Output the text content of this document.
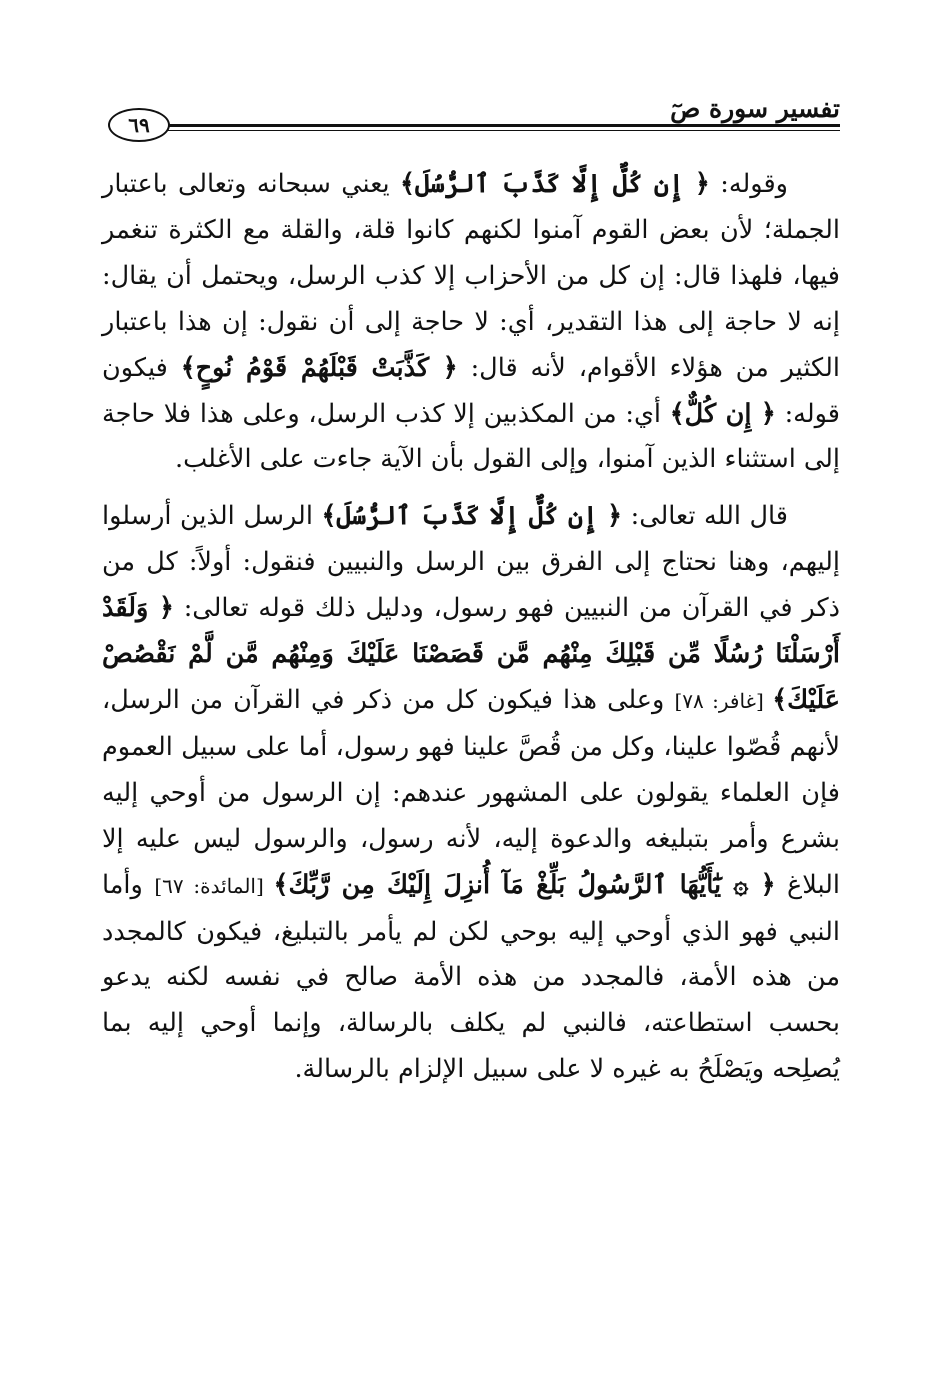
تفسير سورة صٓ
٦٩

وقوله: ﴿ إِن كُلٌّ إِلَّا كَذَّبَ ٱلرُّسُلَ﴾ يعني سبحانه وتعالى باعتبار الجملة؛ لأن بعض القوم آمنوا لكنهم كانوا قلة، والقلة مع الكثرة تنغمر فيها، فلهذا قال: إن كل من الأحزاب إلا كذب الرسل، ويحتمل أن يقال: إنه لا حاجة إلى هذا التقدير، أي: لا حاجة إلى أن نقول: إن هذا باعتبار الكثير من هؤلاء الأقوام، لأنه قال: ﴿ كَذَّبَتْ قَبْلَهُمْ قَوْمُ نُوحٍ﴾ فيكون قوله: ﴿ إِن كُلٌّ﴾ أي: من المكذبين إلا كذب الرسل، وعلى هذا فلا حاجة إلى استثناء الذين آمنوا، وإلى القول بأن الآية جاءت على الأغلب.

قال الله تعالى: ﴿ إِن كُلٌّ إِلَّا كَذَّبَ ٱلرُّسُلَ﴾ الرسل الذين أرسلوا إليهم، وهنا نحتاج إلى الفرق بين الرسل والنبيين فنقول: أولاً: كل من ذكر في القرآن من النبيين فهو رسول، ودليل ذلك قوله تعالى: ﴿ وَلَقَدْ أَرْسَلْنَا رُسُلًا مِّن قَبْلِكَ مِنْهُم مَّن قَصَصْنَا عَلَيْكَ وَمِنْهُم مَّن لَّمْ نَقْصُصْ عَلَيْكَ﴾ [غافر: ٧٨] وعلى هذا فيكون كل من ذكر في القرآن من الرسل، لأنهم قُصّوا علينا، وكل من قُصَّ علينا فهو رسول، أما على سبيل العموم فإن العلماء يقولون على المشهور عندهم: إن الرسول من أوحي إليه بشرع وأمر بتبليغه والدعوة إليه، لأنه رسول، والرسول ليس عليه إلا البلاغ ﴿ ۞ يَٰٓأَيُّهَا ٱلرَّسُولُ بَلِّغْ مَآ أُنزِلَ إِلَيْكَ مِن رَّبِّكَ﴾ [المائدة: ٦٧] وأما النبي فهو الذي أوحي إليه بوحي لكن لم يأمر بالتبليغ، فيكون كالمجدد من هذه الأمة، فالمجدد من هذه الأمة صالح في نفسه لكنه يدعو بحسب استطاعته، فالنبي لم يكلف بالرسالة، وإنما أوحي إليه بما يُصلِحه ويَصْلَحُ به غيره لا على سبيل الإلزام بالرسالة.
